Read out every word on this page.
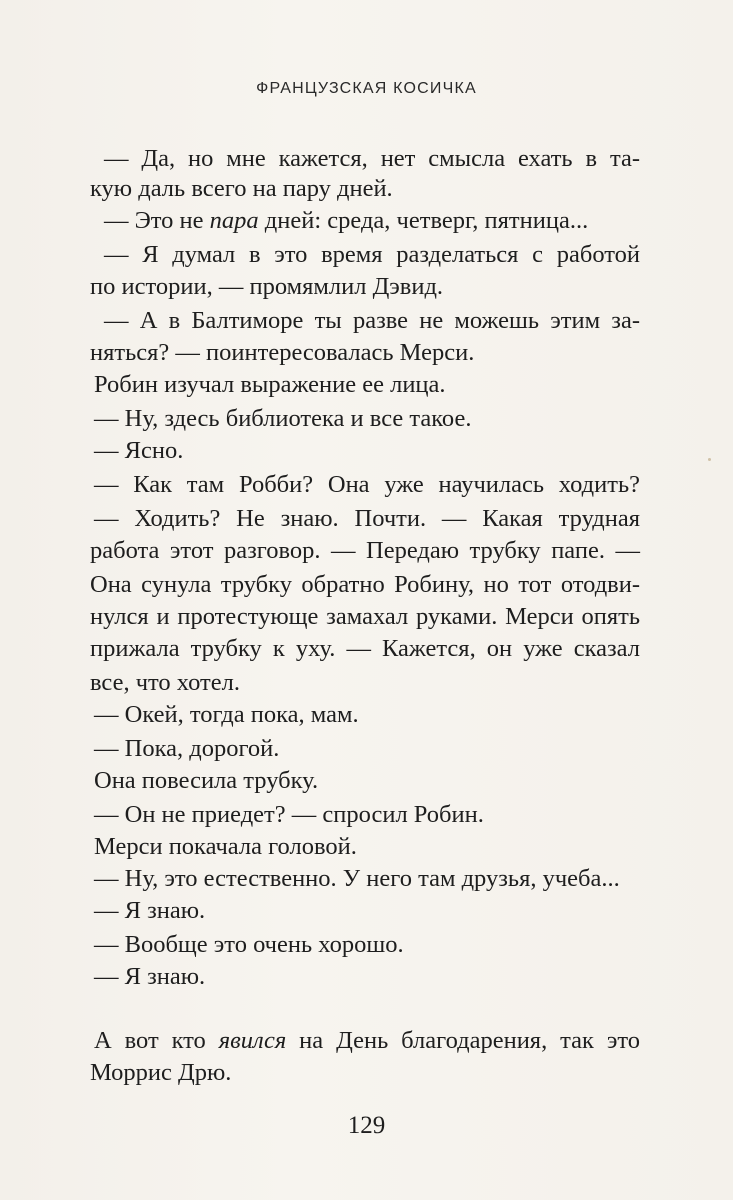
ФРАНЦУЗСКАЯ КОСИЧКА
— Да, но мне кажется, нет смысла ехать в та-
кую даль всего на пару дней.
— Это не пара дней: среда, четверг, пятница...
— Я думал в это время разделаться с работой
по истории, — промямлил Дэвид.
— А в Балтиморе ты разве не можешь этим за-
няться? — поинтересовалась Мерси.
Робин изучал выражение ее лица.
— Ну, здесь библиотека и все такое.
— Ясно.
— Как там Робби? Она уже научилась ходить?
— Ходить? Не знаю. Почти. — Какая трудная
работа этот разговор. — Передаю трубку папе. —
Она сунула трубку обратно Робину, но тот отодви-
нулся и протестующе замахал руками. Мерси опять
прижала трубку к уху. — Кажется, он уже сказал
все, что хотел.
— Окей, тогда пока, мам.
— Пока, дорогой.
Она повесила трубку.
— Он не приедет? — спросил Робин.
Мерси покачала головой.
— Ну, это естественно. У него там друзья, учеба...
— Я знаю.
— Вообще это очень хорошо.
— Я знаю.
А вот кто явился на День благодарения, так это
Моррис Дрю.
129
